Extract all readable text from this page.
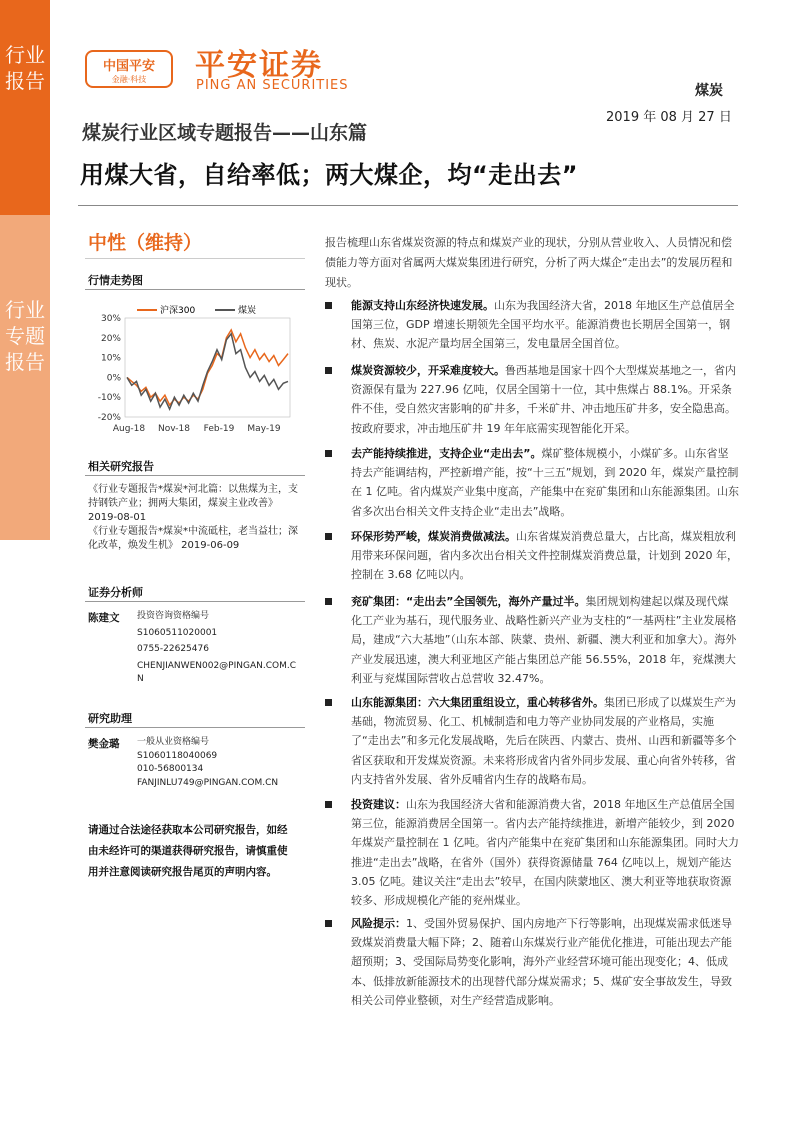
行业报告
行业专题报告
中国平安
金融·科技	平安证券
PING AN SECURITIES	煤炭
2019 年 08 月 27 日
煤炭行业区域专题报告——山东篇
用煤大省，自给率低；两大煤企，均“走出去”
中性（维持）
行情走势图
沪深300	煤炭
30%
20%
10%
0%
-10%
-20%
Aug-18 Nov-18 Feb-19 May-19
相关研究报告
《行业专题报告*煤炭*河北篇：以焦煤为主，支持钢铁产业；拥两大集团，煤炭主业改善》 2019-08-01
《行业专题报告*煤炭*中流砥柱，老当益壮；深化改革，焕发生机》 2019-06-09
证券分析师
陈建文 投资咨询资格编号
S1060511020001
0755-22625476
CHENJIANWEN002@PINGAN.COM.CN
研究助理
樊金璐 一般从业资格编号
S1060118040069
010-56800134
FANJINLU749@PINGAN.COM.CN
请通过合法途径获取本公司研究报告，如经由未经许可的渠道获得研究报告，请慎重使用并注意阅读研究报告尾页的声明内容。
报告梳理山东省煤炭资源的特点和煤炭产业的现状，分别从营业收入、人员情况和偿债能力等方面对省属两大煤炭集团进行研究，分析了两大煤企“走出去”的发展历程和现状。
能源支持山东经济快速发展。山东为我国经济大省，2018 年地区生产总值居全国第三位，GDP 增速长期领先全国平均水平。能源消费也长期居全国第一，钢材、焦炭、水泥产量均居全国第三，发电量居全国首位。
煤炭资源较少，开采难度较大。鲁西基地是国家十四个大型煤炭基地之一，省内资源保有量为 227.96 亿吨，仅居全国第十一位，其中焦煤占 88.1%。开采条件不佳，受自然灾害影响的矿井多，千米矿井、冲击地压矿井多，安全隐患高。按政府要求，冲击地压矿井 19 年年底需实现智能化开采。
去产能持续推进，支持企业“走出去”。煤矿整体规模小，小煤矿多。山东省坚持去产能调结构，严控新增产能，按“十三五”规划，到 2020 年，煤炭产量控制在 1 亿吨。省内煤炭产业集中度高，产能集中在兖矿集团和山东能源集团。山东省多次出台相关文件支持企业“走出去”战略。
环保形势严峻，煤炭消费做减法。山东省煤炭消费总量大，占比高，煤炭粗放利用带来环保问题，省内多次出台相关文件控制煤炭消费总量，计划到 2020 年，控制在 3.68 亿吨以内。
兖矿集团：“走出去”全国领先，海外产量过半。集团规划构建起以煤及现代煤化工产业为基石，现代服务业、战略性新兴产业为支柱的“一基两柱”主业发展格局，建成“六大基地”（山东本部、陕蒙、贵州、新疆、澳大利亚和加拿大）。海外产业发展迅速，澳大利亚地区产能占集团总产能 56.55%，2018 年，兖煤澳大利亚与兖煤国际营收占总营收 32.47%。
山东能源集团：六大集团重组设立，重心转移省外。集团已形成了以煤炭生产为基础，物流贸易、化工、机械制造和电力等产业协同发展的产业格局，实施了“走出去”和多元化发展战略，先后在陕西、内蒙古、贵州、山西和新疆等多个省区获取和开发煤炭资源。未来将形成省内省外同步发展、重心向省外转移，省内支持省外发展、省外反哺省内生存的战略布局。
投资建议：山东为我国经济大省和能源消费大省，2018 年地区生产总值居全国第三位，能源消费居全国第一。省内去产能持续推进，新增产能较少，到 2020 年煤炭产量控制在 1 亿吨。省内产能集中在兖矿集团和山东能源集团。同时大力推进“走出去”战略，在省外（国外）获得资源储量 764 亿吨以上，规划产能达 3.05 亿吨。建议关注“走出去”较早，在国内陕蒙地区、澳大利亚等地获取资源较多、形成规模化产能的兖州煤业。
风险提示：1、受国外贸易保护、国内房地产下行等影响，出现煤炭需求低迷导致煤炭消费量大幅下降；2、随着山东煤炭行业产能优化推进，可能出现去产能超预期；3、受国际局势变化影响，海外产业经营环境可能出现变化；4、低成本、低排放新能源技术的出现替代部分煤炭需求；5、煤矿安全事故发生，导致相关公司停业整顿，对生产经营造成影响。
